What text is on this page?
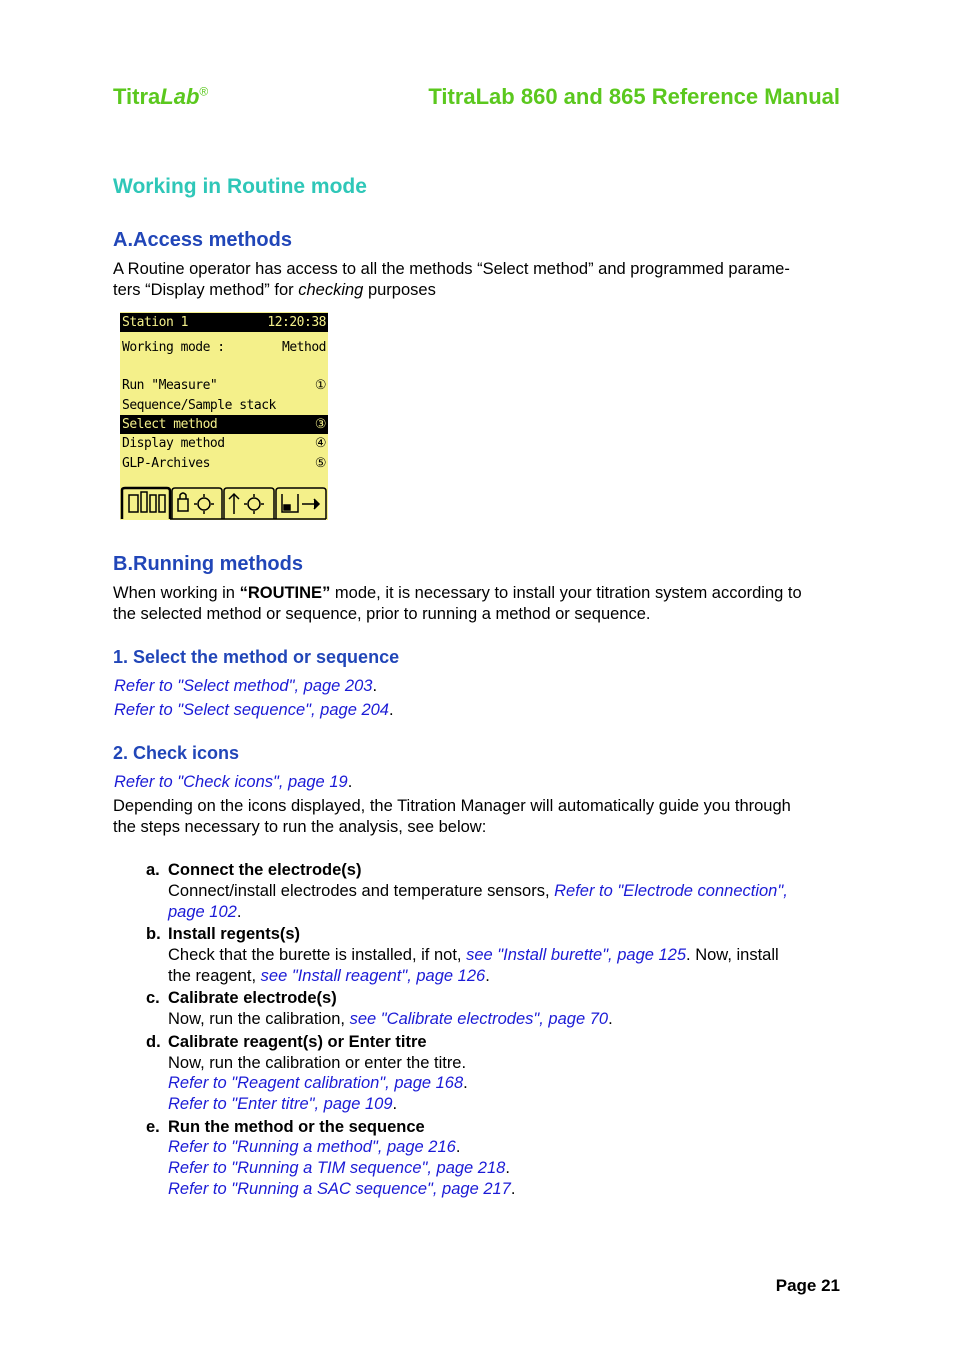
TitraLab®	TitraLab 860 and 865 Reference Manual
Working in Routine mode
A.Access methods
A Routine operator has access to all the methods “Select method” and programmed parame-
ters “Display method” for checking purposes
Station 1	12:20:38
Working mode :	Method
Run "Measure"	①
Sequence/Sample stack
Select method	③
Display method	④
GLP-Archives	⑤
B.Running methods
When working in “ROUTINE” mode, it is necessary to install your titration system according to
the selected method or sequence, prior to running a method or sequence.
1. Select the method or sequence
Refer to "Select method", page 203.
Refer to "Select sequence", page 204.
2. Check icons
Refer to "Check icons", page 19.
Depending on the icons displayed, the Titration Manager will automatically guide you through
the steps necessary to run the analysis, see below:
a. Connect the electrode(s)
Connect/install electrodes and temperature sensors, Refer to "Electrode connection",
page 102.
b. Install regents(s)
Check that the burette is installed, if not, see "Install burette", page 125. Now, install
the reagent, see "Install reagent", page 126.
c. Calibrate electrode(s)
Now, run the calibration, see "Calibrate electrodes", page 70.
d. Calibrate reagent(s) or Enter titre
Now, run the calibration or enter the titre.
Refer to "Reagent calibration", page 168.
Refer to "Enter titre", page 109.
e. Run the method or the sequence
Refer to "Running a method", page 216.
Refer to "Running a TIM sequence", page 218.
Refer to "Running a SAC sequence", page 217.
Page 21
